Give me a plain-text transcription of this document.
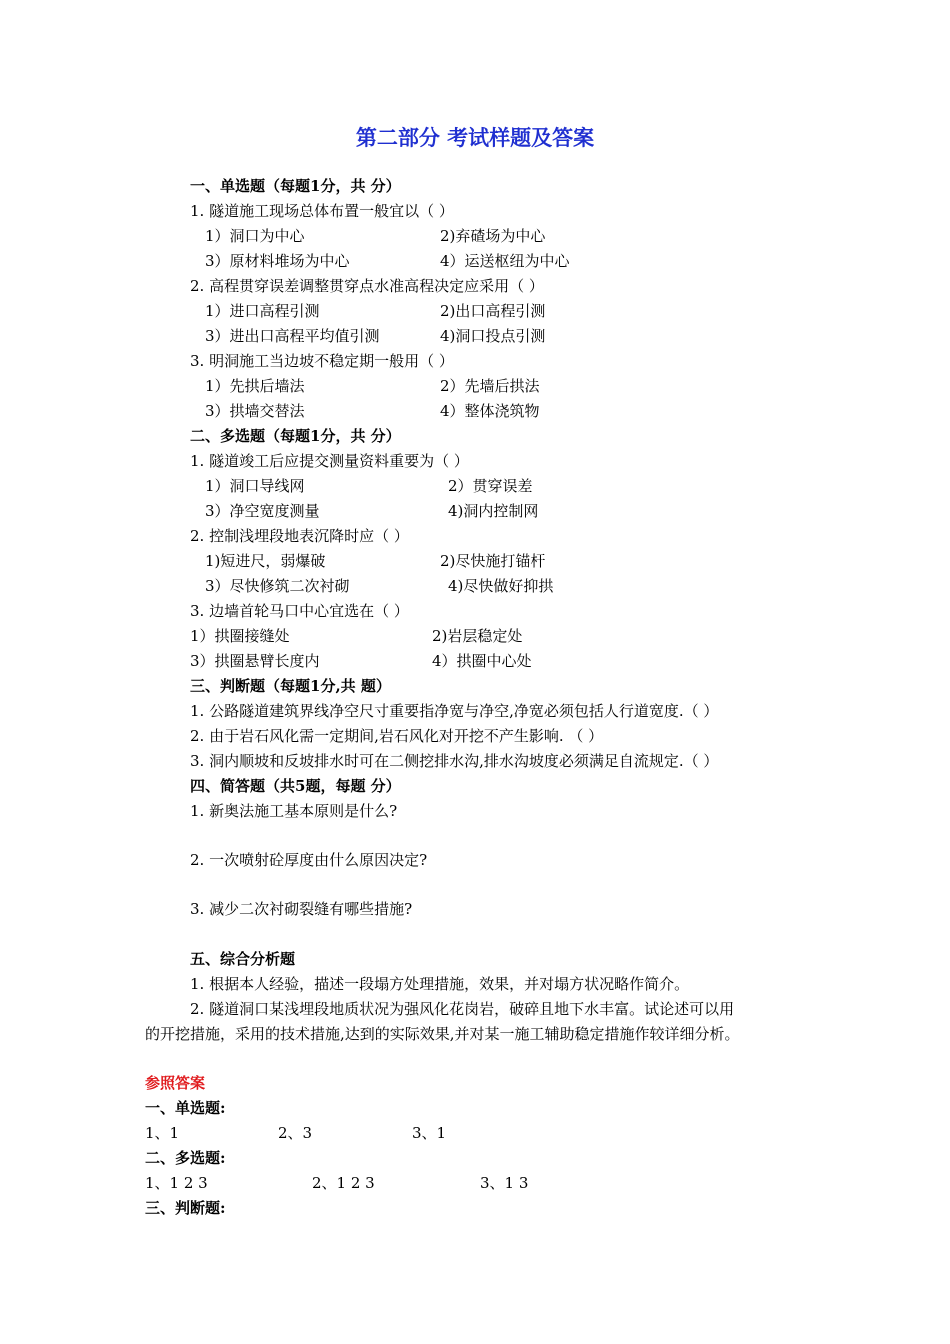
第二部分 考试样题及答案
一、单选题（每题1分，共 分）
1. 隧道施工现场总体布置一般宜以（ ）
1）洞口为中心	2)弃碴场为中心
3）原材料堆场为中心	4）运送枢纽为中心
2. 高程贯穿误差调整贯穿点水准高程决定应采用（ ）
1）进口高程引测	2)出口高程引测
3）进出口高程平均值引测	4)洞口投点引测
3. 明洞施工当边坡不稳定期一般用（ ）
1）先拱后墙法	2）先墙后拱法
3）拱墙交替法	4）整体浇筑物
二、多选题（每题1分，共 分）
1. 隧道竣工后应提交测量资料重要为（ ）
1）洞口导线网	2）贯穿误差
3）净空宽度测量	4)洞内控制网
2. 控制浅埋段地表沉降时应（ ）
1)短进尺，弱爆破	2)尽快施打锚杆
3）尽快修筑二次衬砌	4)尽快做好抑拱
3. 边墙首轮马口中心宜选在（ ）
1）拱圈接缝处	2)岩层稳定处
3）拱圈悬臂长度内	4）拱圈中心处
三、判断题（每题1分,共 题）
1. 公路隧道建筑界线净空尺寸重要指净宽与净空,净宽必须包括人行道宽度.（ ）
2. 由于岩石风化需一定期间,岩石风化对开挖不产生影响. （ ）
3. 洞内顺坡和反坡排水时可在二侧挖排水沟,排水沟坡度必须满足自流规定.（ ）
四、简答题（共5题，每题 分）
1. 新奥法施工基本原则是什么?
2. 一次喷射砼厚度由什么原因决定?
3. 减少二次衬砌裂缝有哪些措施?
五、综合分析题
1. 根据本人经验，描述一段塌方处理措施，效果，并对塌方状况略作简介。
2. 隧道洞口某浅埋段地质状况为强风化花岗岩，破碎且地下水丰富。试论述可以用
的开挖措施，采用的技术措施,达到的实际效果,并对某一施工辅助稳定措施作较详细分析。
参照答案
一、单选题:
1、1	2、3	3、1
二、多选题:
1、1 2 3	2、1 2 3	3、1 3
三、判断题:
